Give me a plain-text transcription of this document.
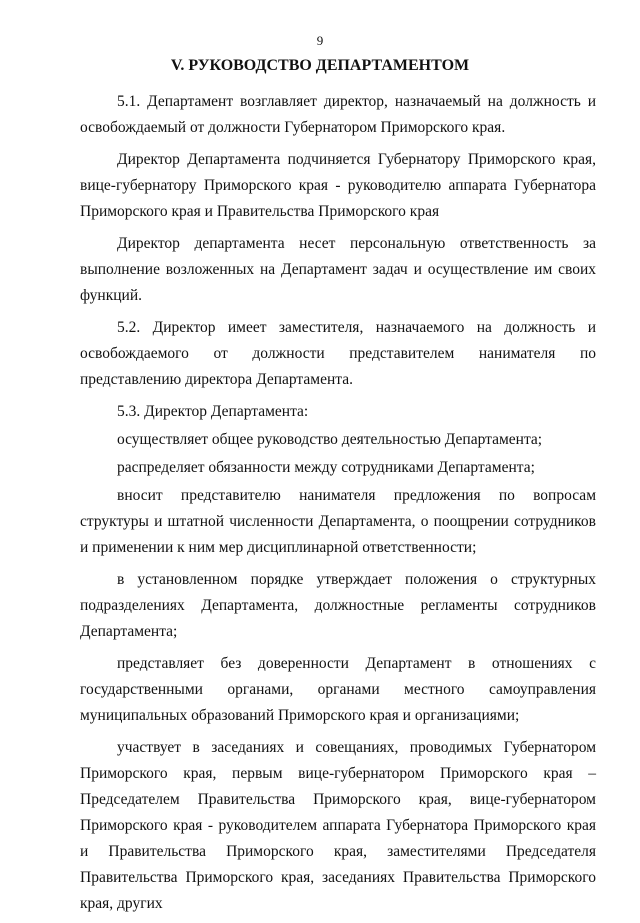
9
V. РУКОВОДСТВО ДЕПАРТАМЕНТОМ

5.1. Департамент возглавляет директор, назначаемый на должность и освобождаемый от должности Губернатором Приморского края.

Директор Департамента подчиняется Губернатору Приморского края, вице-губернатору Приморского края - руководителю аппарата Губернатора Приморского края и Правительства Приморского края

Директор департамента несет персональную ответственность за выполнение возложенных на Департамент задач и осуществление им своих функций.

5.2. Директор имеет заместителя, назначаемого на должность и освобождаемого от должности представителем нанимателя по представлению директора Департамента.

5.3. Директор Департамента:

осуществляет общее руководство деятельностью Департамента;

распределяет обязанности между сотрудниками Департамента;

вносит представителю нанимателя предложения по вопросам структуры и штатной численности Департамента, о поощрении сотрудников и применении к ним мер дисциплинарной ответственности;

в установленном порядке утверждает положения о структурных подразделениях Департамента, должностные регламенты сотрудников Департамента;

представляет без доверенности Департамент в отношениях с государственными органами, органами местного самоуправления муниципальных образований Приморского края и организациями;

участвует в заседаниях и совещаниях, проводимых Губернатором Приморского края, первым вице-губернатором Приморского края – Председателем Правительства Приморского края, вице-губернатором Приморского края - руководителем аппарата Губернатора Приморского края и Правительства Приморского края, заместителями Председателя Правительства Приморского края, заседаниях Правительства Приморского края, других
